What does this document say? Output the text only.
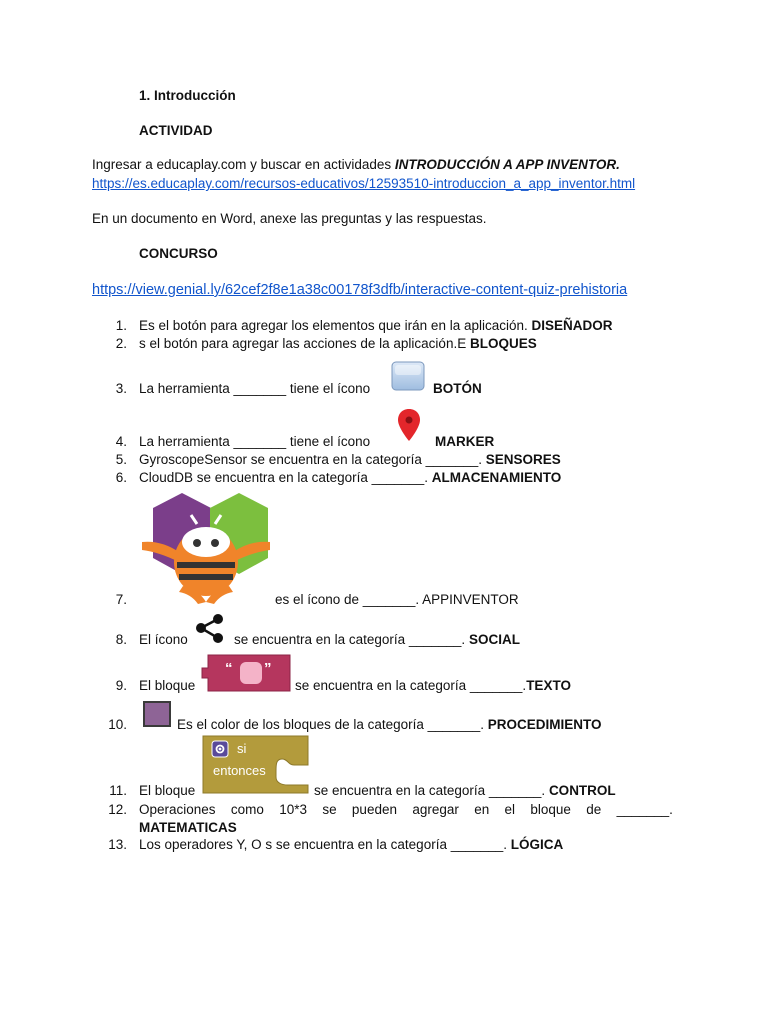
1. Introducción
ACTIVIDAD
Ingresar a educaplay.com y buscar en actividades INTRODUCCIÓN A APP INVENTOR.
https://es.educaplay.com/recursos-educativos/12593510-introduccion_a_app_inventor.html
En un documento en Word, anexe las preguntas y las respuestas.
CONCURSO
https://view.genial.ly/62cef2f8e1a38c00178f3dfb/interactive-content-quiz-prehistoria
1. Es el botón para agregar los elementos que irán en la aplicación. DISEÑADOR
2. s el botón para agregar las acciones de la aplicación.E BLOQUES
3. La herramienta _______ tiene el ícono	BOTÓN
4. La herramienta _______ tiene el ícono	MARKER
5. GyroscopeSensor se encuentra en la categoría _______. SENSORES
6. CloudDB se encuentra en la categoría _______. ALMACENAMIENTO
7.	es el ícono de _______. APPINVENTOR
8. El ícono	se encuentra en la categoría _______. SOCIAL
9. El bloque
“ ”
se encuentra en la categoría _______.TEXTO
10.	Es el color de los bloques de la categoría _______. PROCEDIMIENTO
si
entonces
11. El bloque	se encuentra en la categoría _______. CONTROL
12. Operaciones como 10*3 se pueden agregar en el bloque de _______.
MATEMATICAS
13. Los operadores Y, O s se encuentra en la categoría _______. LÓGICA
